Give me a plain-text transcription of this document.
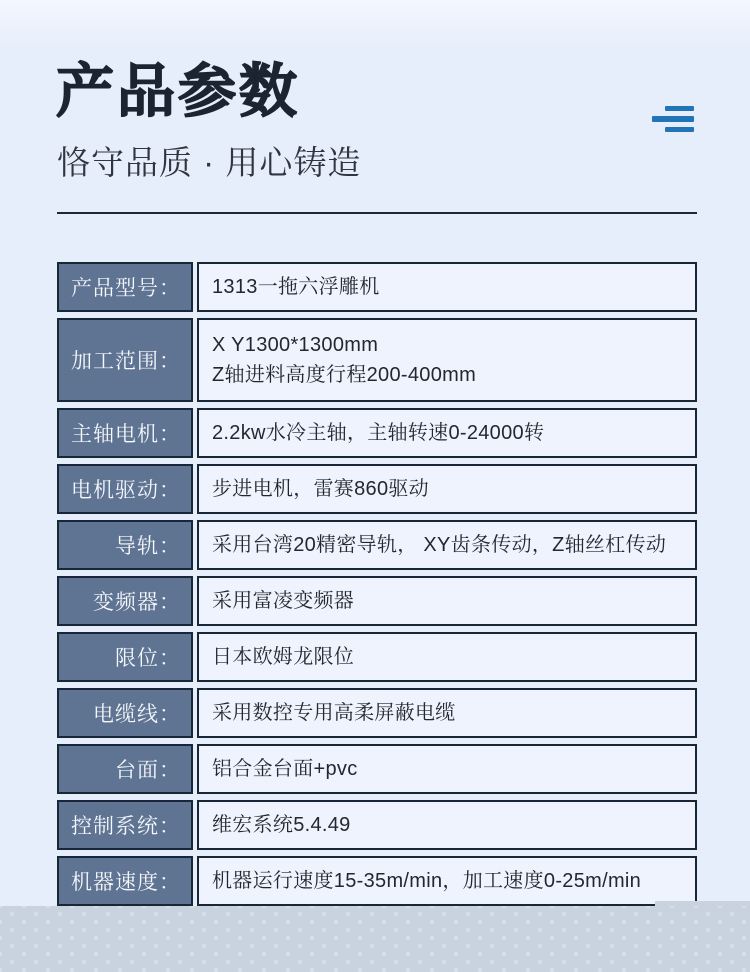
产品参数
恪守品质 · 用心铸造
产品型号：	1313一拖六浮雕机
加工范围：
X Y1300*1300mm
Z轴进料高度行程200-400mm
主轴电机：	2.2kw水冷主轴，主轴转速0-24000转
电机驱动：	步进电机，雷赛860驱动
导轨：	采用台湾20精密导轨， XY齿条传动，Z轴丝杠传动
变频器：	采用富凌变频器
限位：	日本欧姆龙限位
电缆线：	采用数控专用高柔屏蔽电缆
台面：	铝合金台面+pvc
控制系统：	维宏系统5.4.49
机器速度：	机器运行速度15-35m/min，加工速度0-25m/min
